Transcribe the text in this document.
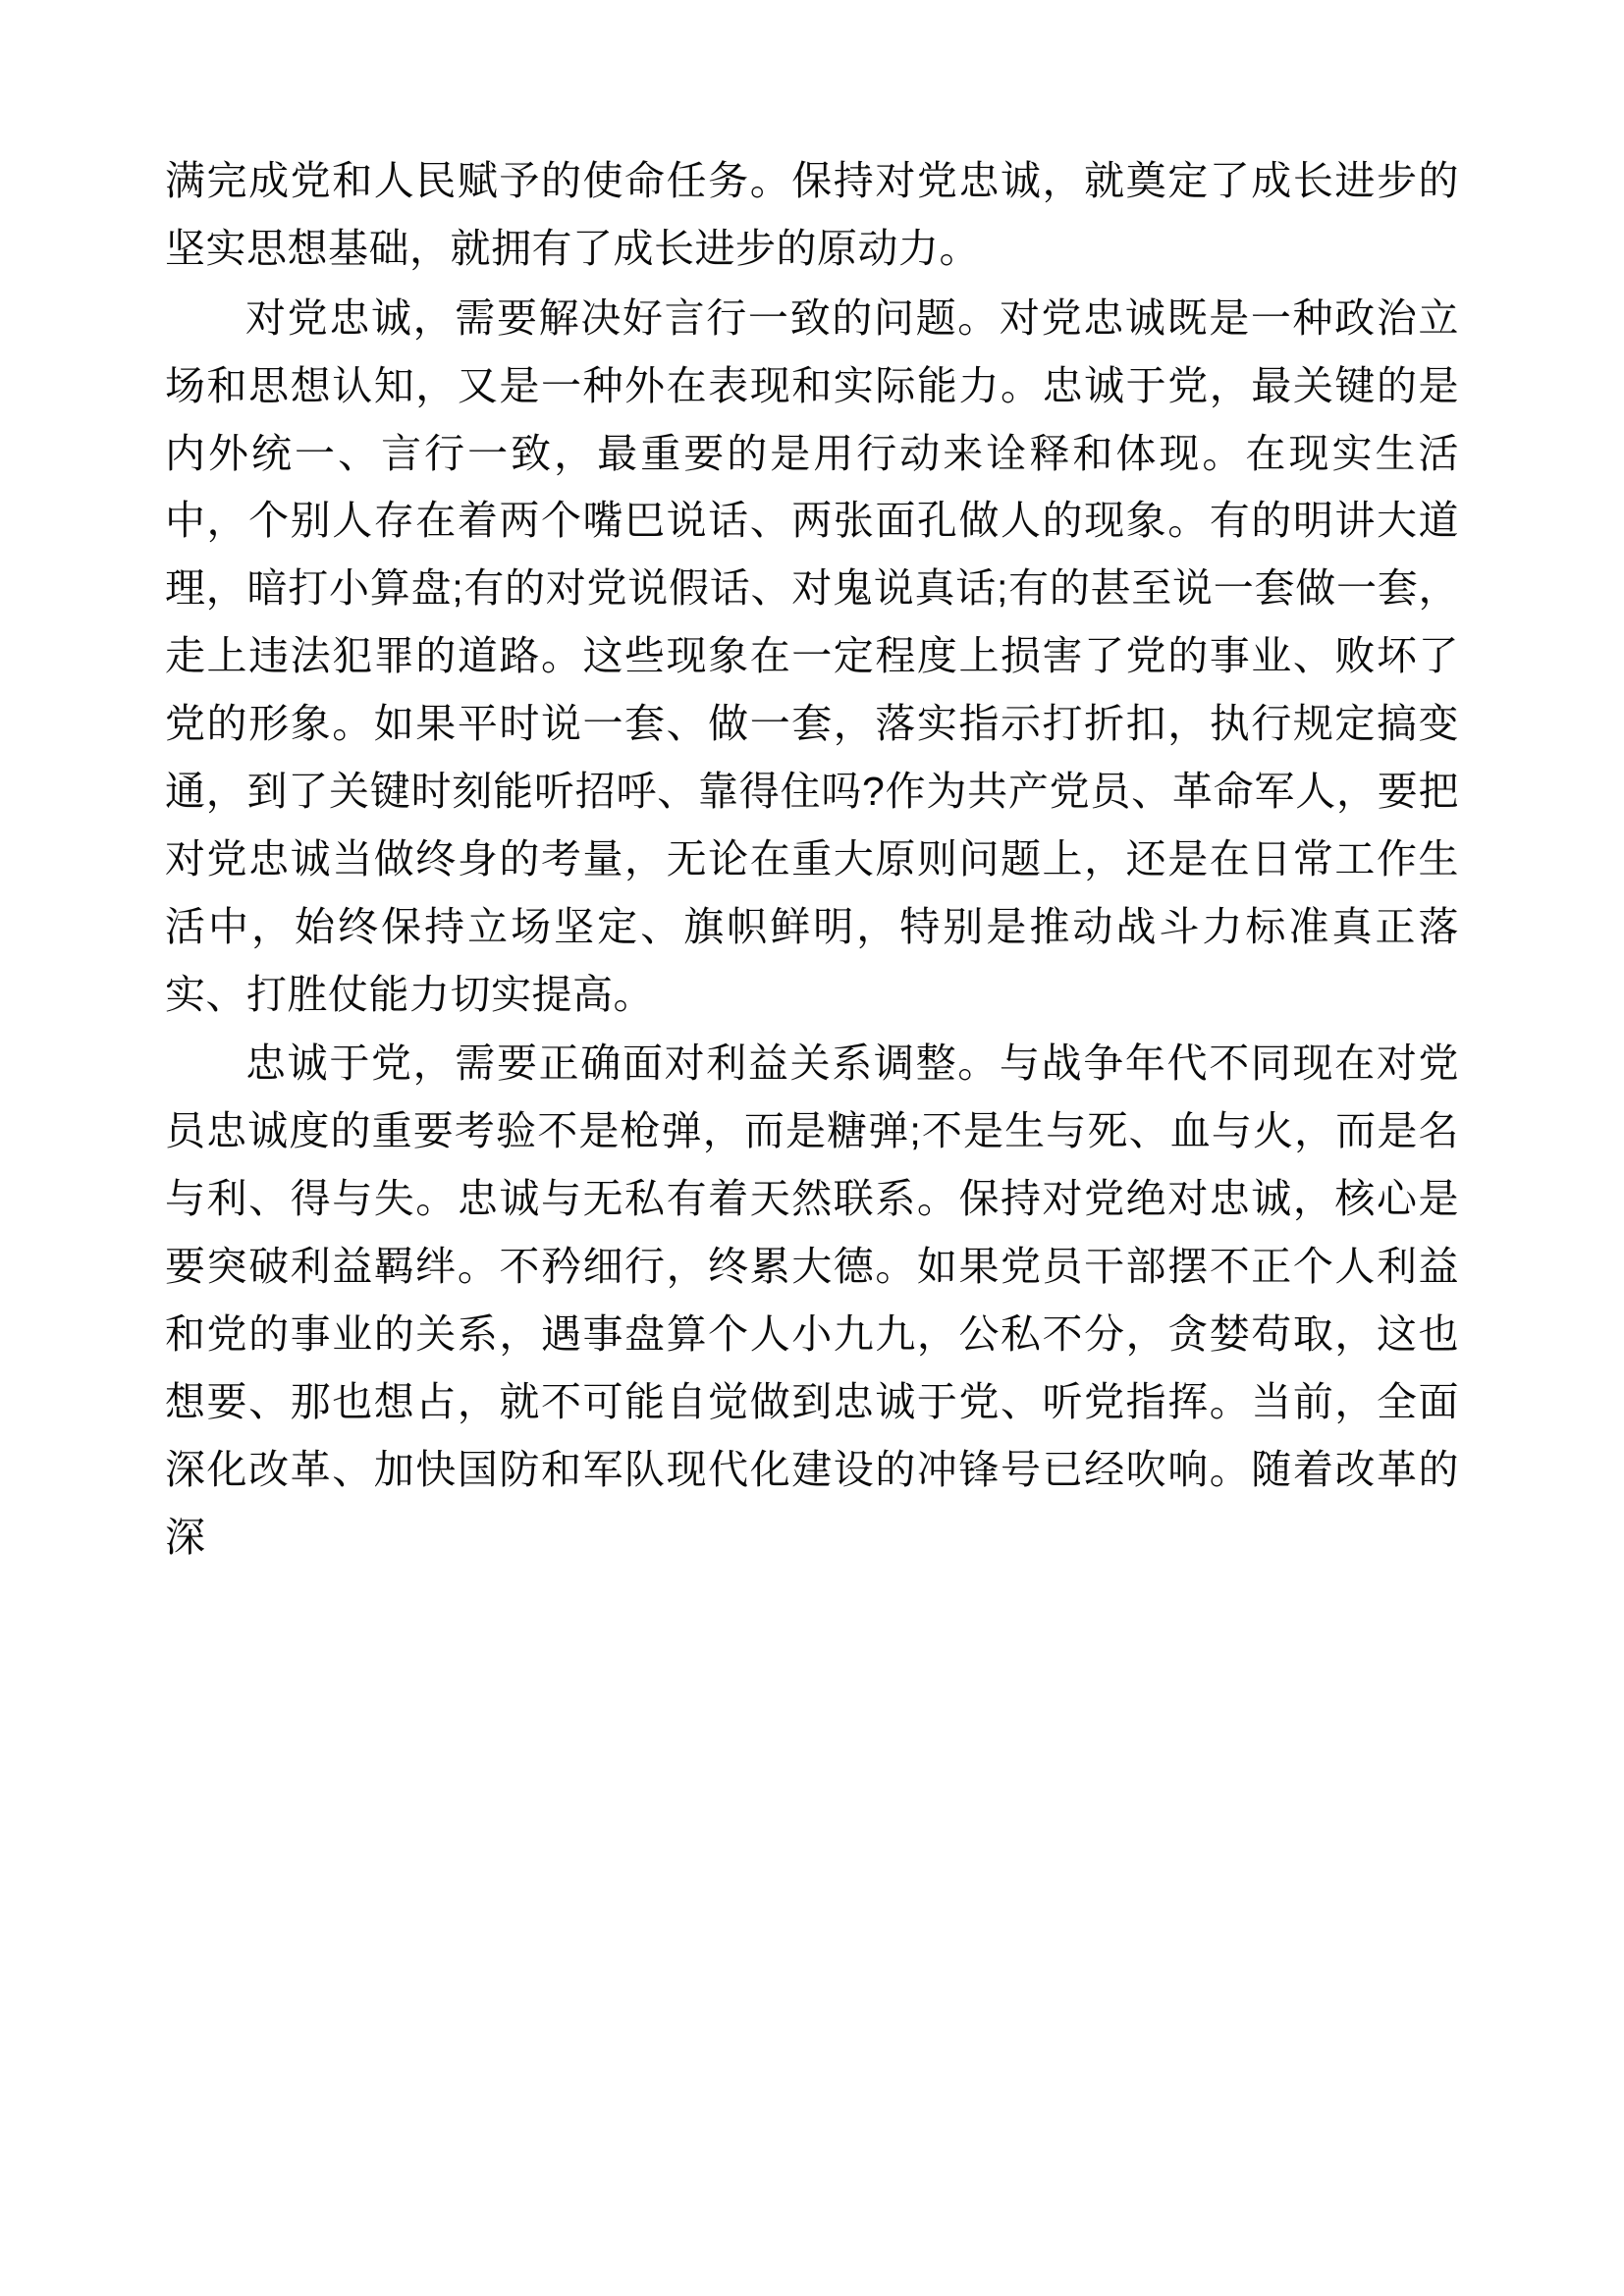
满完成党和人民赋予的使命任务。保持对党忠诚，就奠定了成长进步的坚实思想基础，就拥有了成长进步的原动力。

对党忠诚，需要解决好言行一致的问题。对党忠诚既是一种政治立场和思想认知，又是一种外在表现和实际能力。忠诚于党，最关键的是内外统一、言行一致，最重要的是用行动来诠释和体现。在现实生活中，个别人存在着两个嘴巴说话、两张面孔做人的现象。有的明讲大道理，暗打小算盘;有的对党说假话、对鬼说真话;有的甚至说一套做一套，走上违法犯罪的道路。这些现象在一定程度上损害了党的事业、败坏了党的形象。如果平时说一套、做一套，落实指示打折扣，执行规定搞变通，到了关键时刻能听招呼、靠得住吗?作为共产党员、革命军人，要把对党忠诚当做终身的考量，无论在重大原则问题上，还是在日常工作生活中，始终保持立场坚定、旗帜鲜明，特别是推动战斗力标准真正落实、打胜仗能力切实提高。

忠诚于党，需要正确面对利益关系调整。与战争年代不同现在对党员忠诚度的重要考验不是枪弹，而是糖弹;不是生与死、血与火，而是名与利、得与失。忠诚与无私有着天然联系。保持对党绝对忠诚，核心是要突破利益羁绊。不矜细行，终累大德。如果党员干部摆不正个人利益和党的事业的关系，遇事盘算个人小九九，公私不分，贪婪苟取，这也想要、那也想占，就不可能自觉做到忠诚于党、听党指挥。当前，全面深化改革、加快国防和军队现代化建设的冲锋号已经吹响。随着改革的深
